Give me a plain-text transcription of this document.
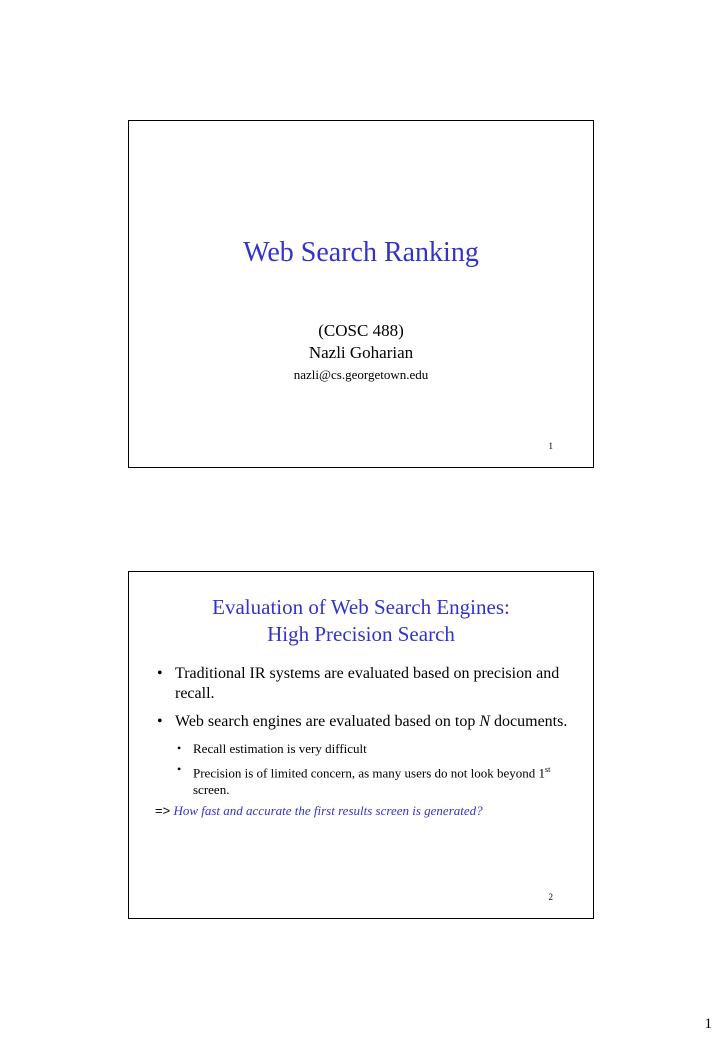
Web Search Ranking
(COSC 488)
Nazli Goharian
nazli@cs.georgetown.edu
1
Evaluation of Web Search Engines:
High Precision Search
• Traditional IR systems are evaluated based on precision and recall.
• Web search engines are evaluated based on top N documents.
• Recall estimation is very difficult
• Precision is of limited concern, as many users do not look beyond 1st screen.
=> How fast and accurate the first results screen is generated?
2
1
